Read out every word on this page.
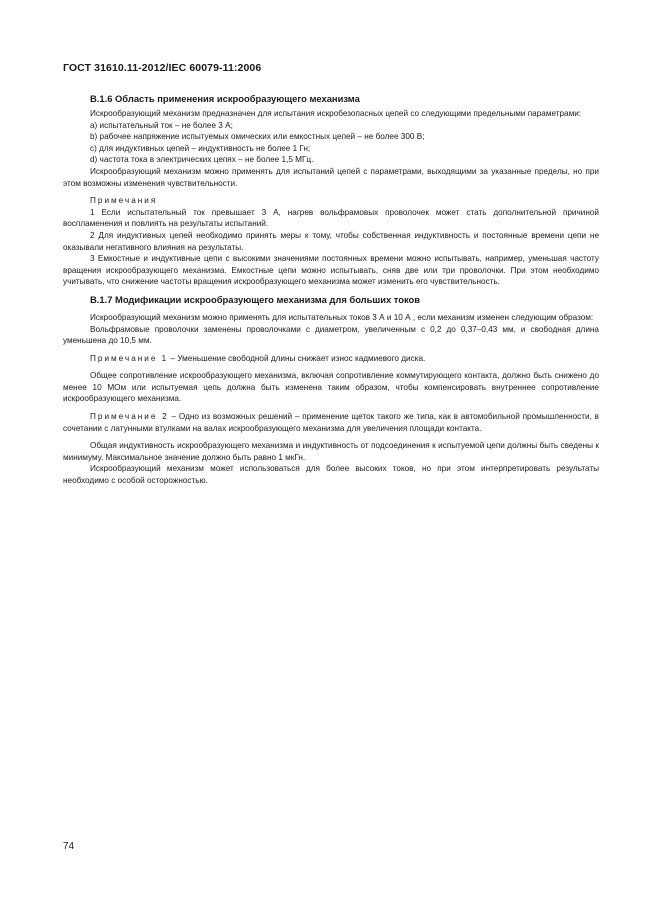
ГОСТ 31610.11-2012/IEC 60079-11:2006
В.1.6 Область применения искрообразующего механизма

Искрообразующий механизм предназначен для испытания искробезопасных цепей со следующими предельными параметрами:

a) испытательный ток – не более 3 А;

b) рабочее напряжение испытуемых омических или емкостных цепей – не более 300 В;

c) для индуктивных цепей – индуктивность не более 1 Гн;

d) частота тока в электрических цепях – не более 1,5 МГц.

Искрообразующий механизм можно применять для испытаний цепей с параметрами, выходящими за указанные пределы, но при этом возможны изменения чувствительности.

Примечания

1 Если испытательный ток превышает 3 А, нагрев вольфрамовых проволочек может стать дополнительной причиной воспламенения и повлиять на результаты испытаний.

2 Для индуктивных цепей необходимо принять меры к тому, чтобы собственная индуктивность и постоянные времени цепи не оказывали негативного влияния на результаты.

3 Емкостные и индуктивные цепи с высокими значениями постоянных времени можно испытывать, например, уменьшая частоту вращения искрообразующего механизма. Емкостные цепи можно испытывать, сняв две или три проволочки. При этом необходимо учитывать, что снижение частоты вращения искрообразующего механизма может изменить его чувствительность.

В.1.7 Модификации искрообразующего механизма для больших токов

Искрообразующий механизм можно применять для испытательных токов 3 А и 10 А , если механизм изменен следующим образом:

Вольфрамовые проволочки заменены проволочками с диаметром, увеличенным с 0,2 до 0,37–0,43 мм, и свободная длина уменьшена до 10,5 мм.

Примечание 1 – Уменьшение свободной длины снижает износ кадмиевого диска.

Общее сопротивление искрообразующего механизма, включая сопротивление коммутирующего контакта, должно быть снижено до менее 10 МОм или испытуемая цепь должна быть изменена таким образом, чтобы компенсировать внутреннее сопротивление искрообразующего механизма.

Примечание 2 – Одно из возможных решений – применение щеток такого же типа, как в автомобильной промышленности, в сочетании с латунными втулками на валах искрообразующего механизма для увеличения площади контакта.

Общая индуктивность искрообразующего механизма и индуктивность от подсоединения к испытуемой цепи должны быть сведены к минимуму. Максимальное значение должно быть равно 1 мкГн.

Искрообразующий механизм может использоваться для более высоких токов, но при этом интерпретировать результаты необходимо с особой осторожностью.

74
